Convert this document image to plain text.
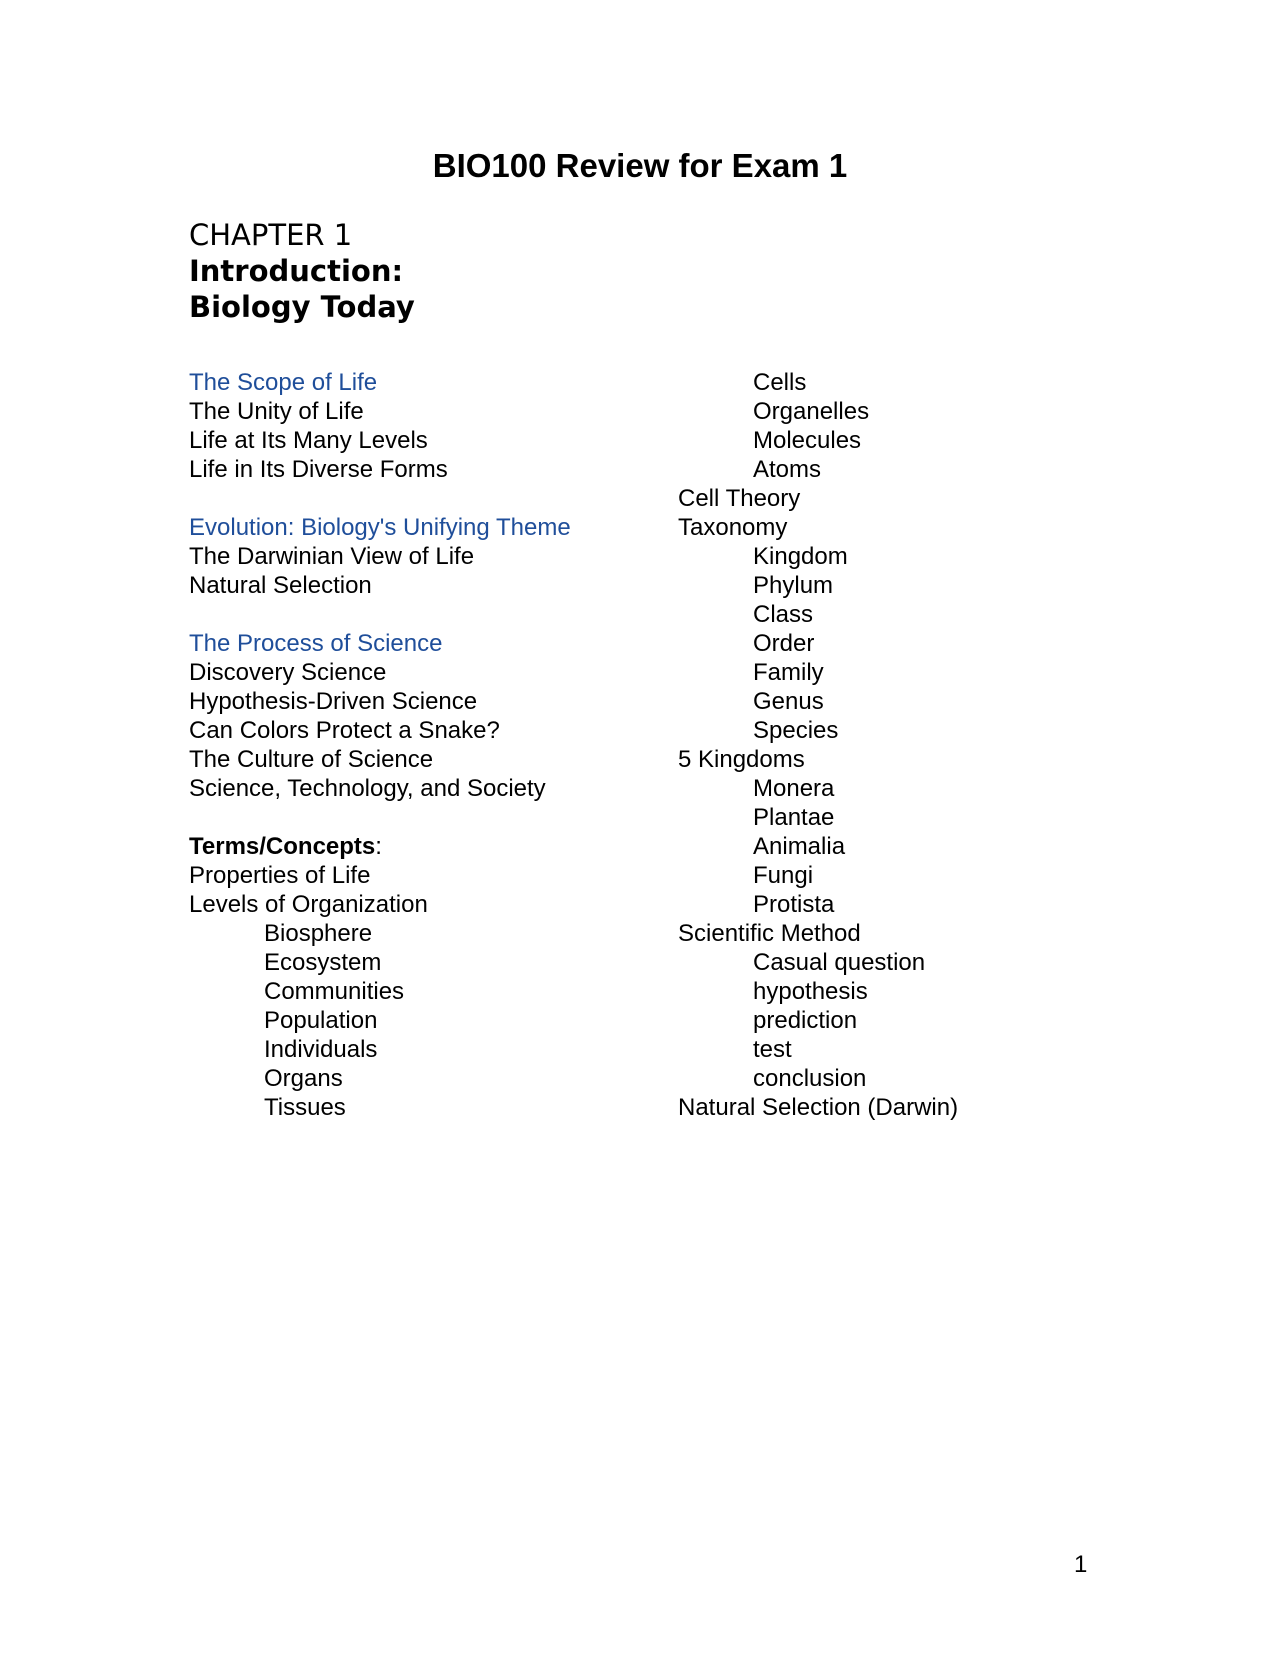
BIO100 Review for Exam 1
CHAPTER 1
Introduction:
Biology Today
The Scope of Life
The Unity of Life
Life at Its Many Levels
Life in Its Diverse Forms
Evolution: Biology's Unifying Theme
The Darwinian View of Life
Natural Selection
The Process of Science
Discovery Science
Hypothesis-Driven Science
Can Colors Protect a Snake?
The Culture of Science
Science, Technology, and Society
Terms/Concepts:
Properties of Life
Levels of Organization
Biosphere
Ecosystem
Communities
Population
Individuals
Organs
Tissues
Cells
Organelles
Molecules
Atoms
Cell Theory
Taxonomy
Kingdom
Phylum
Class
Order
Family
Genus
Species
5 Kingdoms
Monera
Plantae
Animalia
Fungi
Protista
Scientific Method
Casual question
hypothesis
prediction
test
conclusion
Natural Selection (Darwin)
1
